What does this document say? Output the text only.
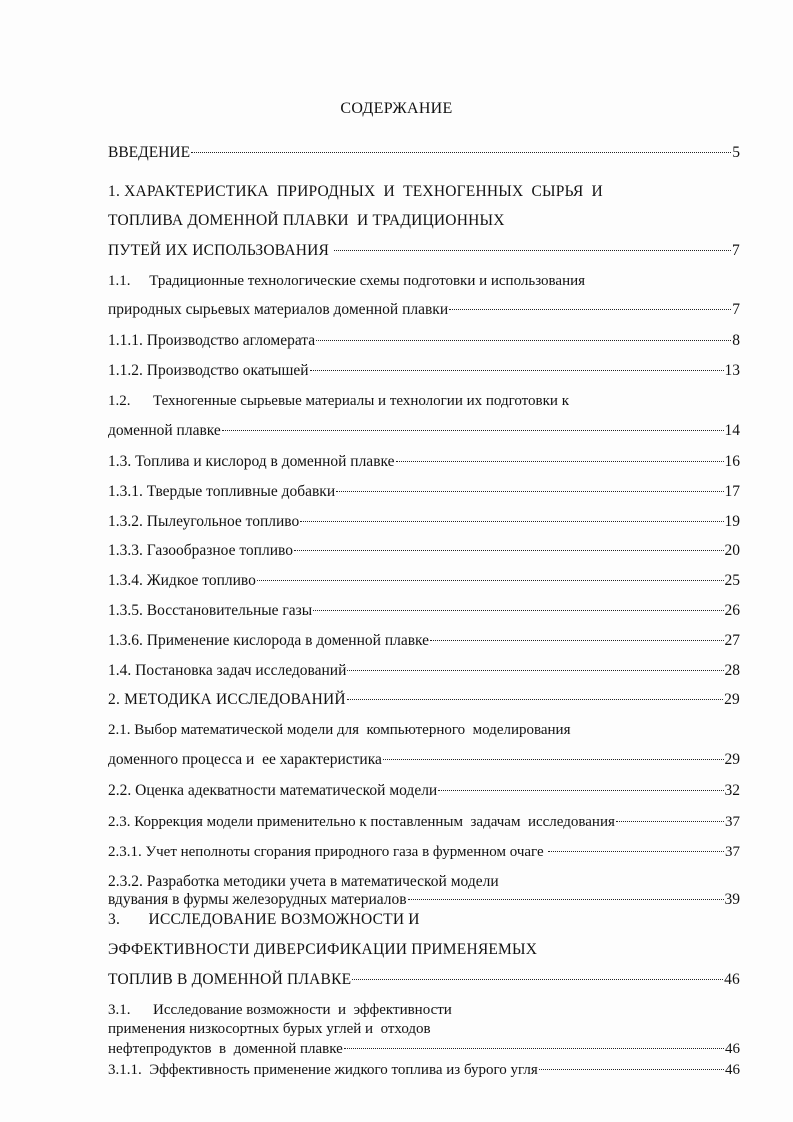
СОДЕРЖАНИЕ
ВВЕДЕНИЕ	5
1. ХАРАКТЕРИСТИКА  ПРИРОДНЫХ  И  ТЕХНОГЕННЫХ  СЫРЬЯ  И
ТОПЛИВА ДОМЕННОЙ ПЛАВКИ  И ТРАДИЦИОННЫХ
ПУТЕЙ ИХ ИСПОЛЬЗОВАНИЯ	7
1.1.     Традиционные технологические схемы подготовки и использования
природных сырьевых материалов доменной плавки	7
1.1.1. Производство агломерата	8
1.1.2. Производство окатышей	13
1.2.      Техногенные сырьевые материалы и технологии их подготовки к
доменной плавке	14
1.3. Топлива и кислород в доменной плавке	16
1.3.1. Твердые топливные добавки	17
1.3.2. Пылеугольное топливо	19
1.3.3. Газообразное топливо	20
1.3.4. Жидкое топливо	25
1.3.5. Восстановительные газы	26
1.3.6. Применение кислорода в доменной плавке	27
1.4. Постановка задач исследований	28
2. МЕТОДИКА ИССЛЕДОВАНИЙ	29
2.1. Выбор математической модели для  компьютерного  моделирования
доменного процесса и  ее характеристика	29
2.2. Оценка адекватности математической модели	32
2.3. Коррекция модели применительно к поставленным  задачам  исследования	37
2.3.1. Учет неполноты сгорания природного газа в фурменном очаге	37
2.3.2. Разработка методики учета в математической модели
вдувания в фурмы железорудных материалов	39
3.       ИССЛЕДОВАНИЕ ВОЗМОЖНОСТИ И
ЭФФЕКТИВНОСТИ ДИВЕРСИФИКАЦИИ ПРИМЕНЯЕМЫХ
ТОПЛИВ В ДОМЕННОЙ ПЛАВКЕ	46
3.1.      Исследование возможности  и  эффективности
применения низкосортных бурых углей и  отходов
нефтепродуктов  в  доменной плавке	46
3.1.1.  Эффективность применение жидкого топлива из бурого угля	46
